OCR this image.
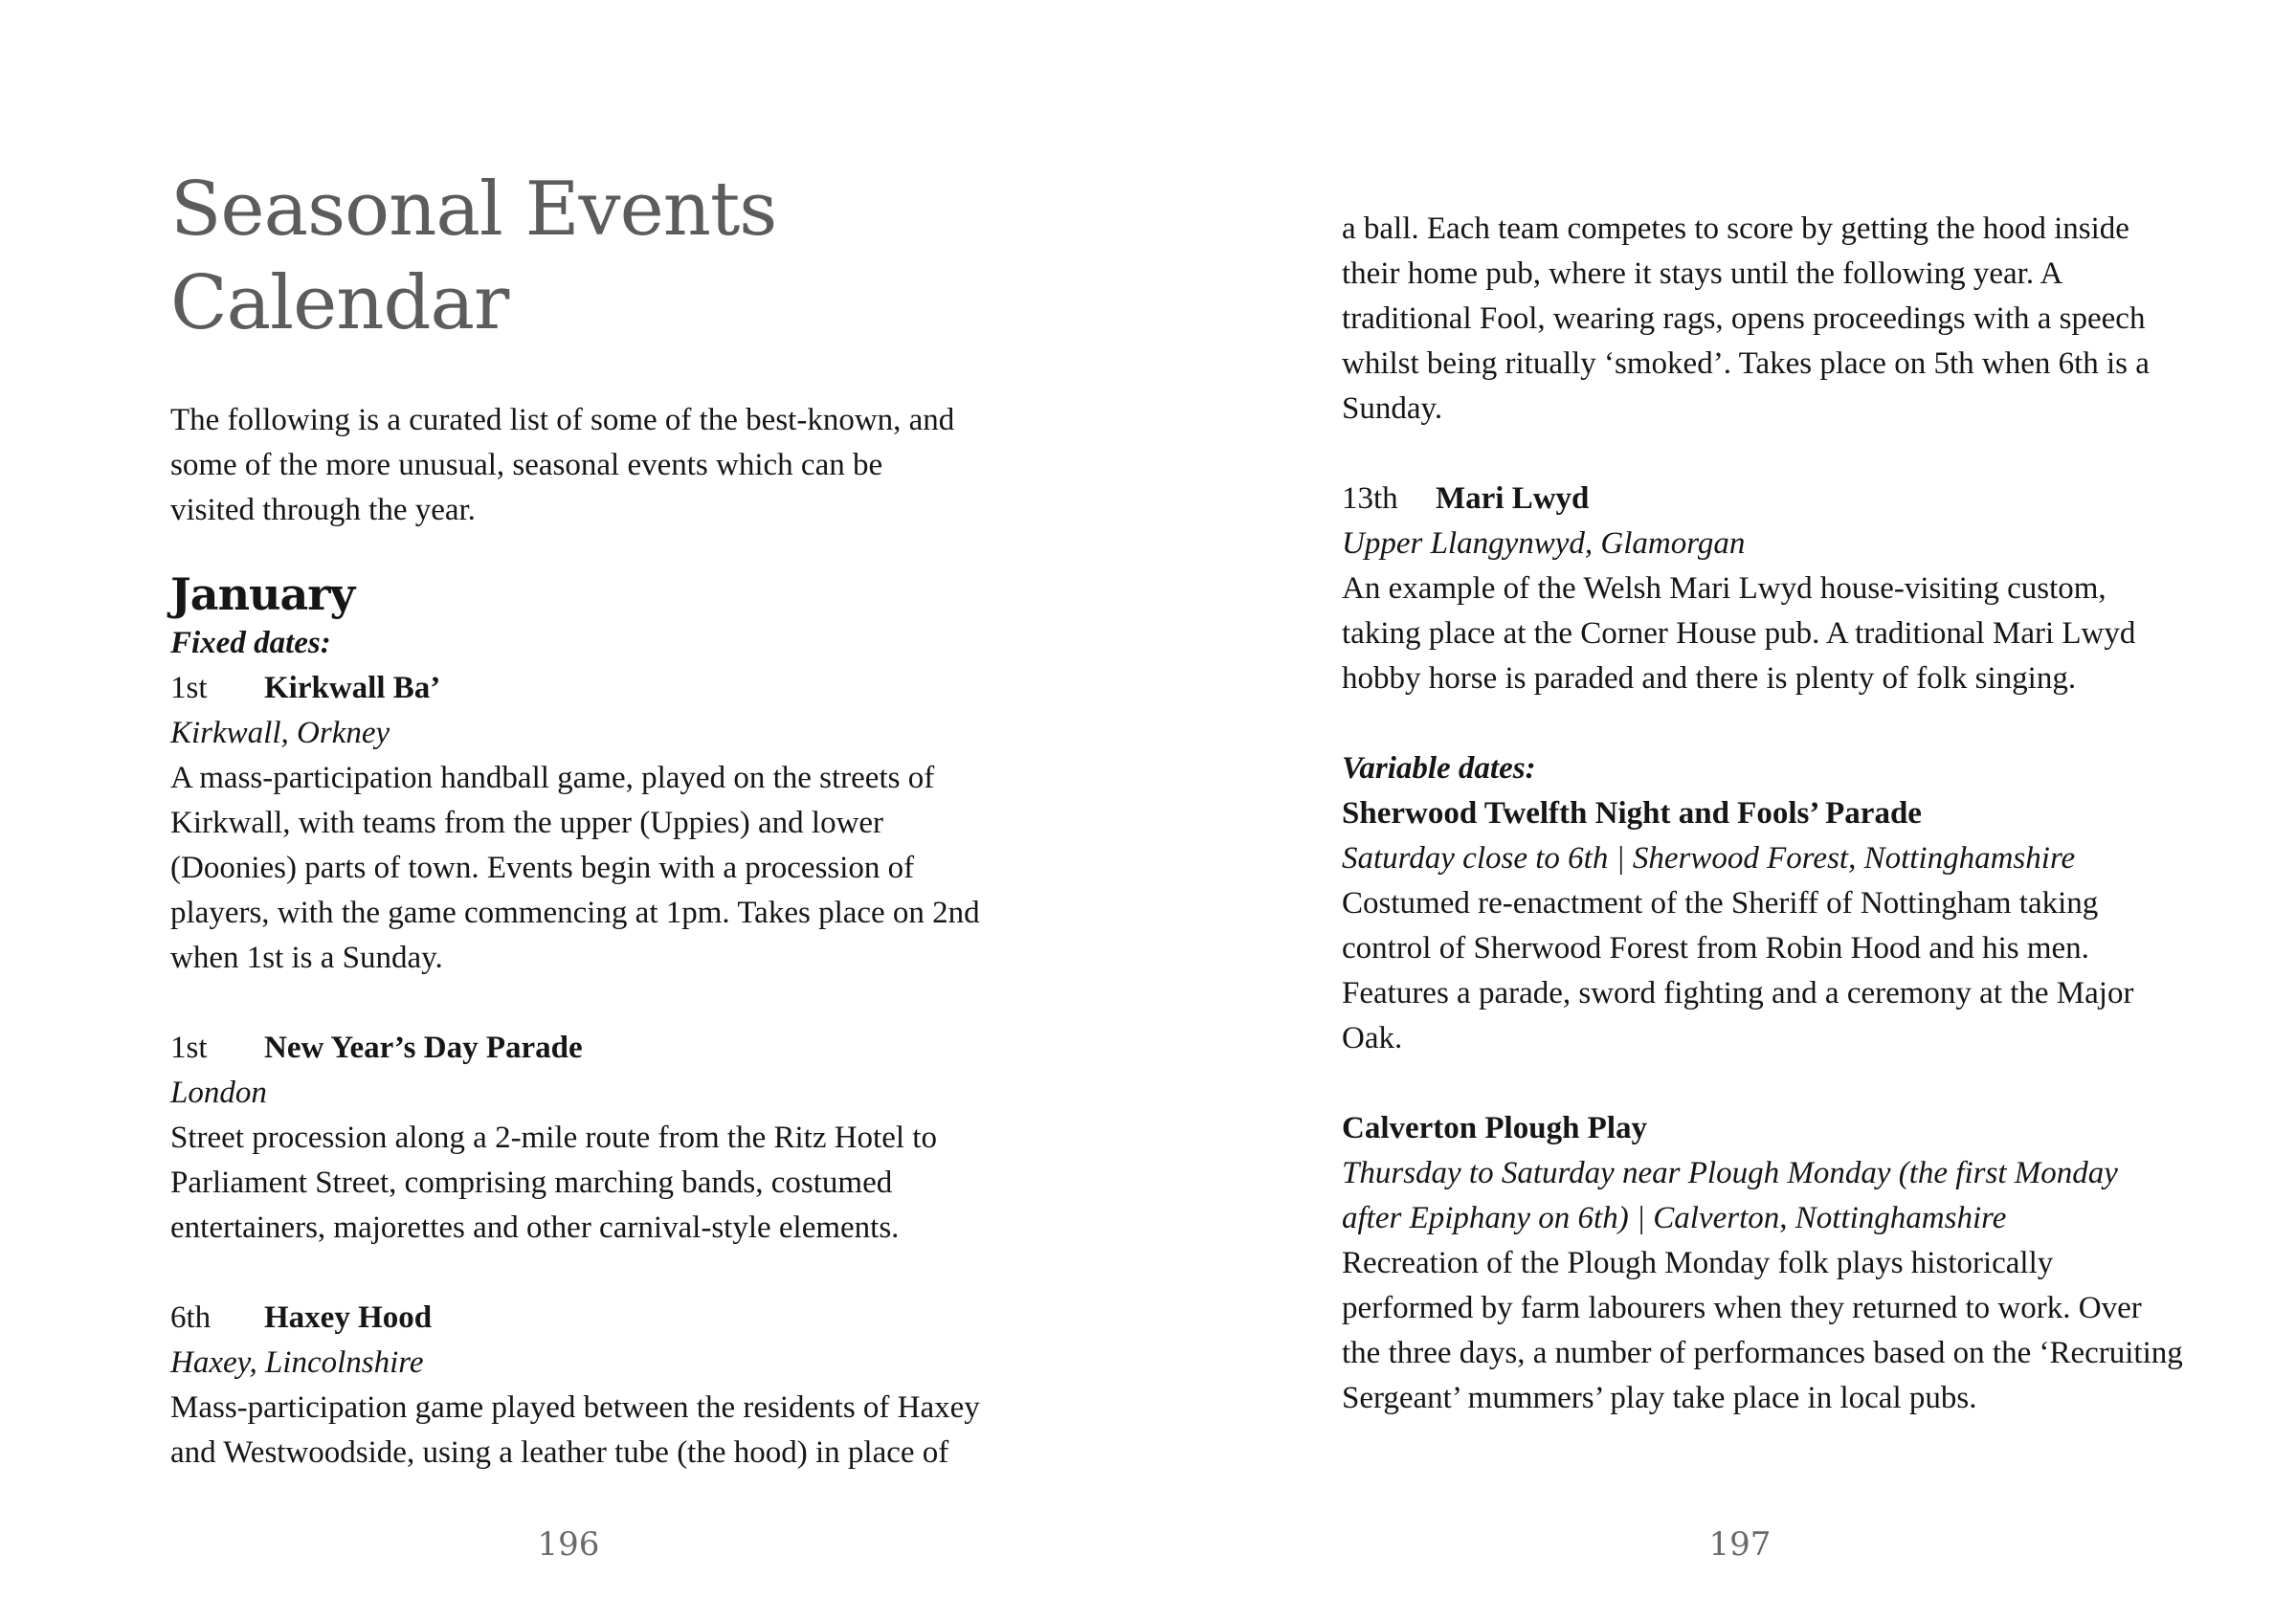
Seasonal Events
Calendar

The following is a curated list of some of the best-known, and some of the more unusual, seasonal events which can be visited through the year.

January
Fixed dates:
1st Kirkwall Ba’
Kirkwall, Orkney
A mass-participation handball game, played on the streets of Kirkwall, with teams from the upper (Uppies) and lower (Doonies) parts of town. Events begin with a procession of players, with the game commencing at 1pm. Takes place on 2nd when 1st is a Sunday.
1st New Year’s Day Parade
London
Street procession along a 2-mile route from the Ritz Hotel to Parliament Street, comprising marching bands, costumed entertainers, majorettes and other carnival-style elements.
6th Haxey Hood
Haxey, Lincolnshire
Mass-participation game played between the residents of Haxey and Westwoodside, using a leather tube (the hood) in place of
196
a ball. Each team competes to score by getting the hood inside their home pub, where it stays until the following year. A traditional Fool, wearing rags, opens proceedings with a speech whilst being ritually ‘smoked’. Takes place on 5th when 6th is a Sunday.
13th Mari Lwyd
Upper Llangynwyd, Glamorgan
An example of the Welsh Mari Lwyd house-visiting custom, taking place at the Corner House pub. A traditional Mari Lwyd hobby horse is paraded and there is plenty of folk singing.
Variable dates:
Sherwood Twelfth Night and Fools’ Parade
Saturday close to 6th | Sherwood Forest, Nottinghamshire
Costumed re-enactment of the Sheriff of Nottingham taking control of Sherwood Forest from Robin Hood and his men. Features a parade, sword fighting and a ceremony at the Major Oak.
Calverton Plough Play
Thursday to Saturday near Plough Monday (the first Monday after Epiphany on 6th) | Calverton, Nottinghamshire
Recreation of the Plough Monday folk plays historically performed by farm labourers when they returned to work. Over the three days, a number of performances based on the ‘Recruiting Sergeant’ mummers’ play take place in local pubs.
197
